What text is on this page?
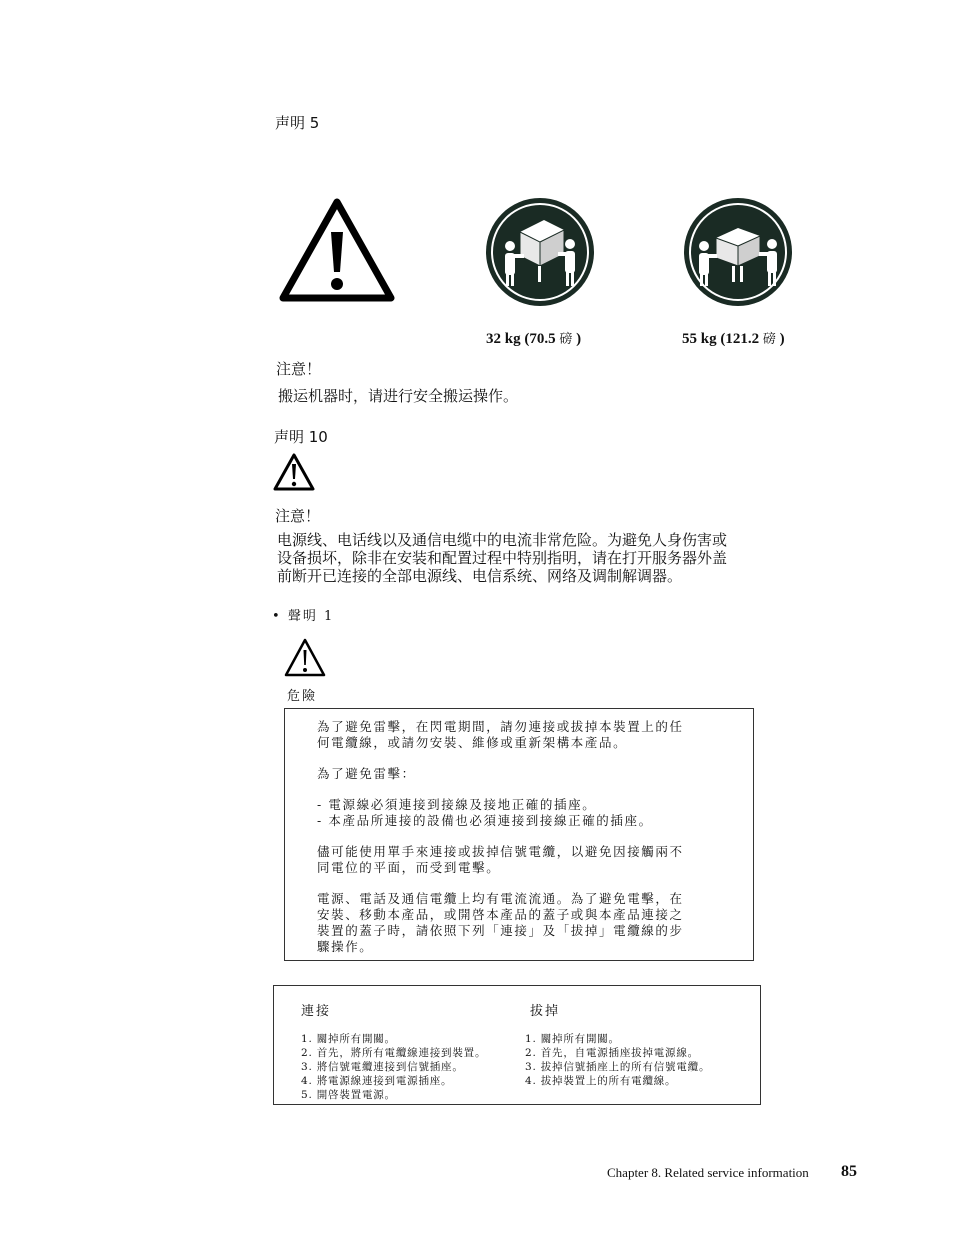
声明 5
32 kg (70.5 磅 )	55 kg (121.2 磅 )
注意！
搬运机器时，请进行安全搬运操作。
声明 10
注意！
电源线、电话线以及通信电缆中的电流非常危险。为避免人身伤害或
设备损坏，除非在安装和配置过程中特别指明，请在打开服务器外盖
前断开已连接的全部电源线、电信系统、网络及调制解调器。
• 聲明 1
危險
為了避免雷擊，在閃電期間，請勿連接或拔掉本裝置上的任
何電纜線，或請勿安裝、維修或重新架構本產品。
為了避免雷擊：
- 電源線必須連接到接線及接地正確的插座。
- 本產品所連接的設備也必須連接到接線正確的插座。
儘可能使用單手來連接或拔掉信號電纜，以避免因接觸兩不
同電位的平面，而受到電擊。
電源、電話及通信電纜上均有電流流通。為了避免電擊，在
安裝、移動本產品，或開啓本產品的蓋子或與本產品連接之
裝置的蓋子時，請依照下列「連接」及「拔掉」電纜線的步
驟操作。
連接	拔掉
1. 關掉所有開關。
2. 首先，將所有電纜線連接到裝置。
3. 將信號電纜連接到信號插座。
4. 將電源線連接到電源插座。
5. 開啓裝置電源。
1. 關掉所有開關。
2. 首先，自電源插座拔掉電源線。
3. 拔掉信號插座上的所有信號電纜。
4. 拔掉裝置上的所有電纜線。
Chapter 8. Related service information 85
